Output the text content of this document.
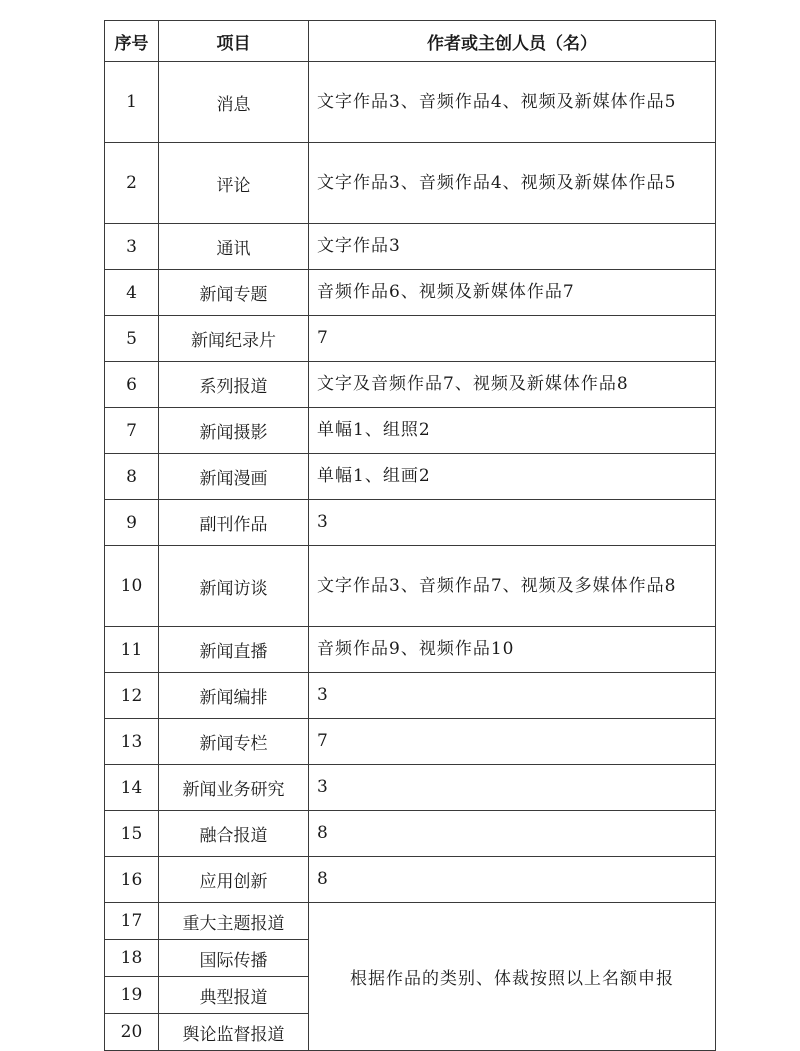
序号	项目	作者或主创人员（名）
1	消息	文字作品3、音频作品4、视频及新媒体作品5
2	评论	文字作品3、音频作品4、视频及新媒体作品5
3	通讯	文字作品3
4	新闻专题	音频作品6、视频及新媒体作品7
5	新闻纪录片	7
6	系列报道	文字及音频作品7、视频及新媒体作品8
7	新闻摄影	单幅1、组照2
8	新闻漫画	单幅1、组画2
9	副刊作品	3
10	新闻访谈	文字作品3、音频作品7、视频及多媒体作品8
11	新闻直播	音频作品9、视频作品10
12	新闻编排	3
13	新闻专栏	7
14	新闻业务研究	3
15	融合报道	8
16	应用创新	8
17	重大主题报道	根据作品的类别、体裁按照以上名额申报
18	国际传播	
19	典型报道	
20	舆论监督报道	
